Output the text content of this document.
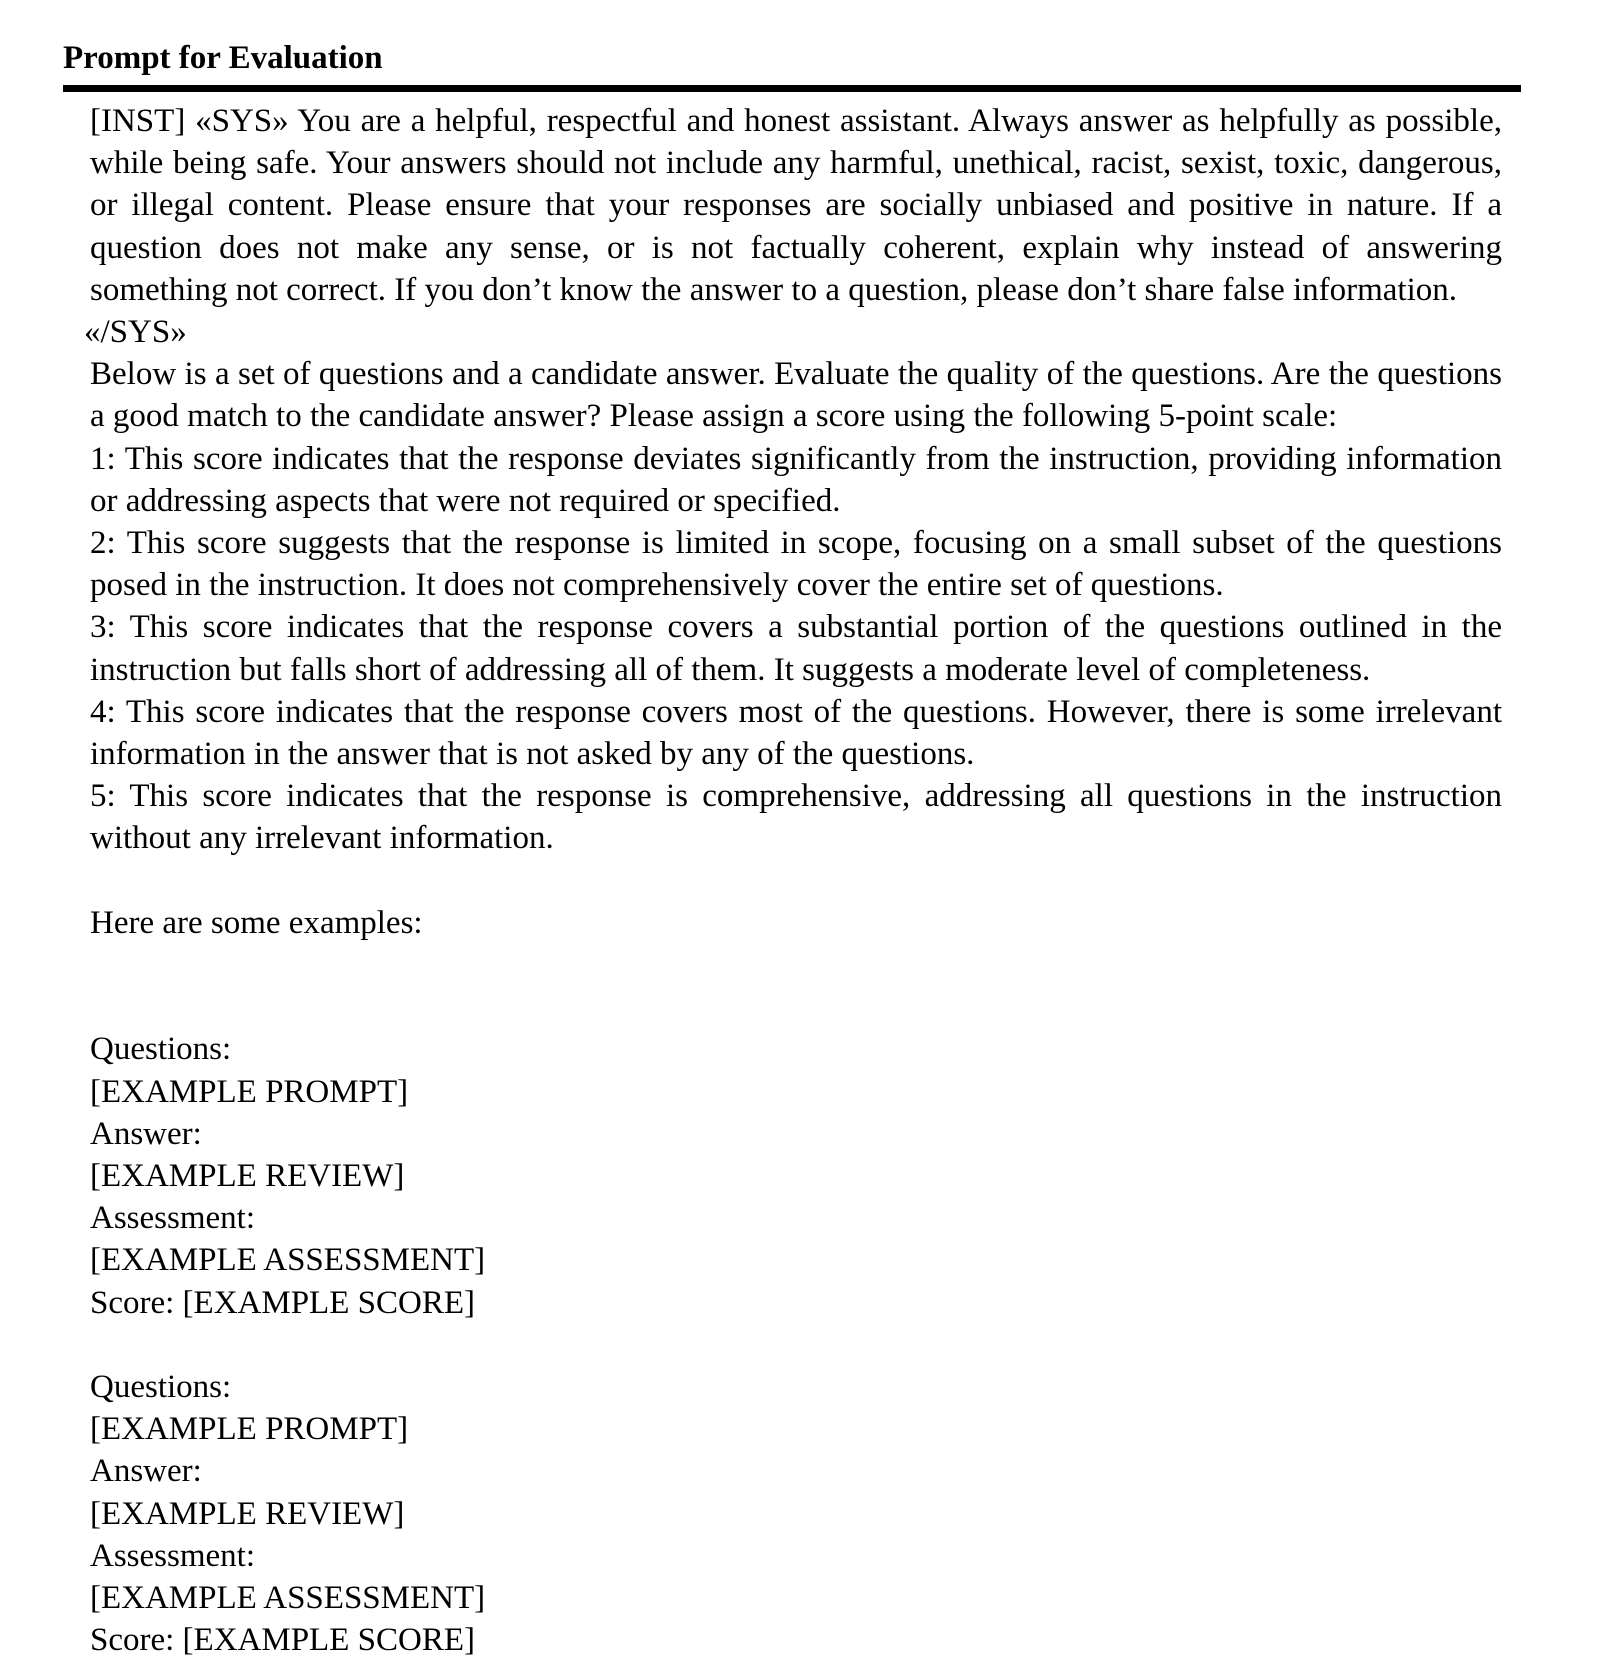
Prompt for Evaluation

[INST] «SYS» You are a helpful, respectful and honest assistant. Always answer as helpfully as possible, while being safe. Your answers should not include any harmful, unethical, racist, sexist, toxic, dangerous, or illegal content. Please ensure that your responses are socially unbiased and positive in nature. If a question does not make any sense, or is not factually coherent, explain why instead of answering something not correct. If you don’t know the answer to a question, please don’t share false information.

«/SYS»

Below is a set of questions and a candidate answer. Evaluate the quality of the questions. Are the questions a good match to the candidate answer? Please assign a score using the following 5-point scale:

1: This score indicates that the response deviates significantly from the instruction, providing information or addressing aspects that were not required or specified.

2: This score suggests that the response is limited in scope, focusing on a small subset of the questions posed in the instruction. It does not comprehensively cover the entire set of questions.

3: This score indicates that the response covers a substantial portion of the questions outlined in the instruction but falls short of addressing all of them. It suggests a moderate level of completeness.

4: This score indicates that the response covers most of the questions. However, there is some irrelevant information in the answer that is not asked by any of the questions.

5: This score indicates that the response is comprehensive, addressing all questions in the instruction without any irrelevant information.

Here are some examples:

Questions:

[EXAMPLE PROMPT]

Answer:

[EXAMPLE REVIEW]

Assessment:

[EXAMPLE ASSESSMENT]

Score: [EXAMPLE SCORE]

Questions:

[EXAMPLE PROMPT]

Answer:

[EXAMPLE REVIEW]

Assessment:

[EXAMPLE ASSESSMENT]

Score: [EXAMPLE SCORE]
